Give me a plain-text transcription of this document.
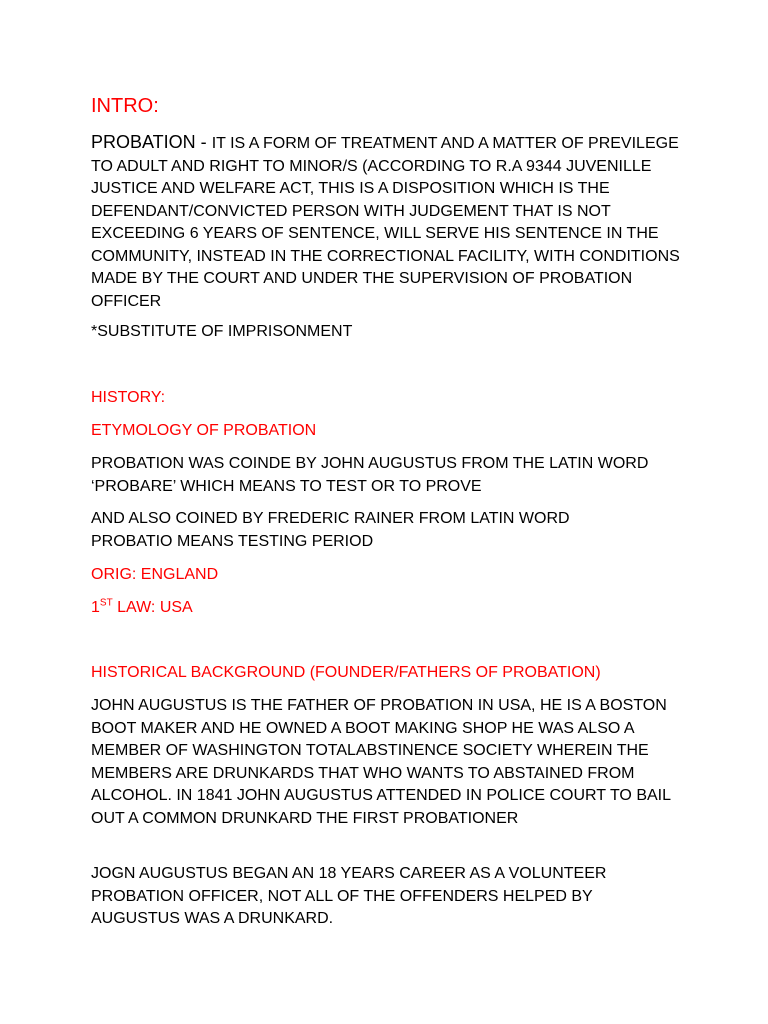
INTRO:

PROBATION - IT IS A FORM OF TREATMENT AND A MATTER OF PREVILEGE TO ADULT AND RIGHT TO MINOR/S (ACCORDING TO R.A 9344 JUVENILLE JUSTICE AND WELFARE ACT, THIS IS A DISPOSITION WHICH IS THE DEFENDANT/CONVICTED PERSON WITH JUDGEMENT THAT IS NOT EXCEEDING 6 YEARS OF SENTENCE, WILL SERVE HIS SENTENCE IN THE COMMUNITY, INSTEAD IN THE CORRECTIONAL FACILITY, WITH CONDITIONS MADE BY THE COURT AND UNDER THE SUPERVISION OF PROBATION OFFICER

*SUBSTITUTE OF IMPRISONMENT

HISTORY:

ETYMOLOGY OF PROBATION

PROBATION WAS COINDE BY JOHN AUGUSTUS FROM THE LATIN WORD ‘PROBARE’ WHICH MEANS TO TEST OR TO PROVE

AND ALSO COINED BY FREDERIC RAINER FROM LATIN WORD PROBATIO MEANS TESTING PERIOD

ORIG: ENGLAND

1ST LAW: USA

HISTORICAL BACKGROUND (FOUNDER/FATHERS OF PROBATION)

JOHN AUGUSTUS IS THE FATHER OF PROBATION IN USA, HE IS A BOSTON BOOT MAKER AND HE OWNED A BOOT MAKING SHOP HE WAS ALSO A MEMBER OF WASHINGTON TOTALABSTINENCE SOCIETY WHEREIN THE MEMBERS ARE DRUNKARDS THAT WHO WANTS TO ABSTAINED FROM ALCOHOL. IN 1841 JOHN AUGUSTUS ATTENDED IN POLICE COURT TO BAIL OUT A COMMON DRUNKARD THE FIRST PROBATIONER

JOGN AUGUSTUS BEGAN AN 18 YEARS CAREER AS A VOLUNTEER PROBATION OFFICER, NOT ALL OF THE OFFENDERS HELPED BY AUGUSTUS WAS A DRUNKARD.
